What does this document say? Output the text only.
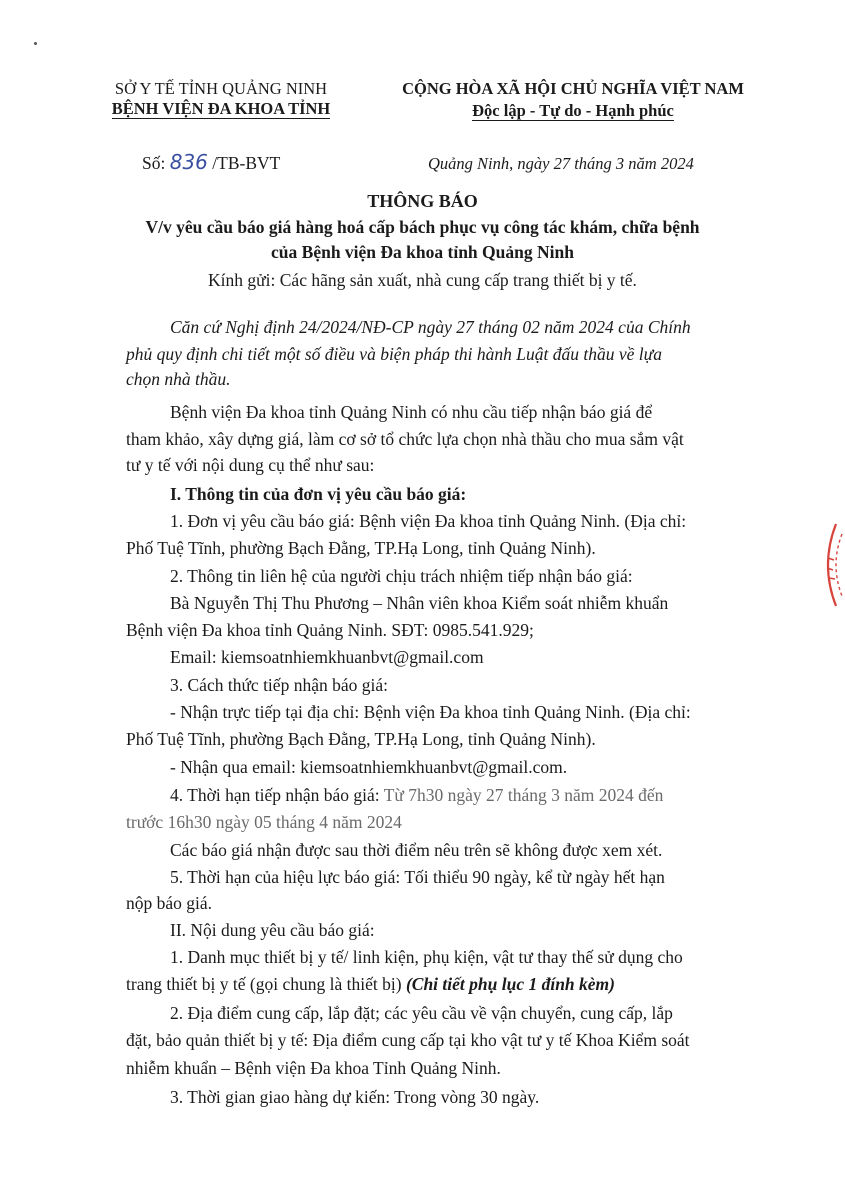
SỞ Y TẾ TỈNH QUẢNG NINH
BỆNH VIỆN ĐA KHOA TỈNH
CỘNG HÒA XÃ HỘI CHỦ NGHĨA VIỆT NAM
Độc lập - Tự do - Hạnh phúc
Số: 836 /TB-BVT	Quảng Ninh, ngày 27 tháng 3 năm 2024
THÔNG BÁO
V/v yêu cầu báo giá hàng hoá cấp bách phục vụ công tác khám, chữa bệnh
của Bệnh viện Đa khoa tỉnh Quảng Ninh
Kính gửi: Các hãng sản xuất, nhà cung cấp trang thiết bị y tế.
Căn cứ Nghị định 24/2024/NĐ-CP ngày 27 tháng 02 năm 2024 của Chính
phủ quy định chi tiết một số điều và biện pháp thi hành Luật đấu thầu về lựa
chọn nhà thầu.
Bệnh viện Đa khoa tỉnh Quảng Ninh có nhu cầu tiếp nhận báo giá để
tham khảo, xây dựng giá, làm cơ sở tổ chức lựa chọn nhà thầu cho mua sắm vật
tư y tế với nội dung cụ thể như sau:
I. Thông tin của đơn vị yêu cầu báo giá:
1. Đơn vị yêu cầu báo giá: Bệnh viện Đa khoa tỉnh Quảng Ninh. (Địa chỉ:
Phố Tuệ Tĩnh, phường Bạch Đằng, TP.Hạ Long, tỉnh Quảng Ninh).
2. Thông tin liên hệ của người chịu trách nhiệm tiếp nhận báo giá:
Bà Nguyễn Thị Thu Phương – Nhân viên khoa Kiểm soát nhiễm khuẩn
Bệnh viện Đa khoa tỉnh Quảng Ninh. SĐT: 0985.541.929;
Email: kiemsoatnhiemkhuanbvt@gmail.com
3. Cách thức tiếp nhận báo giá:
- Nhận trực tiếp tại địa chỉ: Bệnh viện Đa khoa tỉnh Quảng Ninh. (Địa chỉ:
Phố Tuệ Tĩnh, phường Bạch Đằng, TP.Hạ Long, tỉnh Quảng Ninh).
- Nhận qua email: kiemsoatnhiemkhuanbvt@gmail.com.
4. Thời hạn tiếp nhận báo giá: Từ 7h30 ngày 27 tháng 3 năm 2024 đến
trước 16h30 ngày 05 tháng 4 năm 2024
Các báo giá nhận được sau thời điểm nêu trên sẽ không được xem xét.
5. Thời hạn của hiệu lực báo giá: Tối thiểu 90 ngày, kể từ ngày hết hạn
nộp báo giá.
II. Nội dung yêu cầu báo giá:
1. Danh mục thiết bị y tế/ linh kiện, phụ kiện, vật tư thay thế sử dụng cho
trang thiết bị y tế (gọi chung là thiết bị) (Chi tiết phụ lục 1 đính kèm)
2. Địa điểm cung cấp, lắp đặt; các yêu cầu về vận chuyển, cung cấp, lắp
đặt, bảo quản thiết bị y tế: Địa điểm cung cấp tại kho vật tư y tế Khoa Kiểm soát
nhiễm khuẩn – Bệnh viện Đa khoa Tỉnh Quảng Ninh.
3. Thời gian giao hàng dự kiến: Trong vòng 30 ngày.
